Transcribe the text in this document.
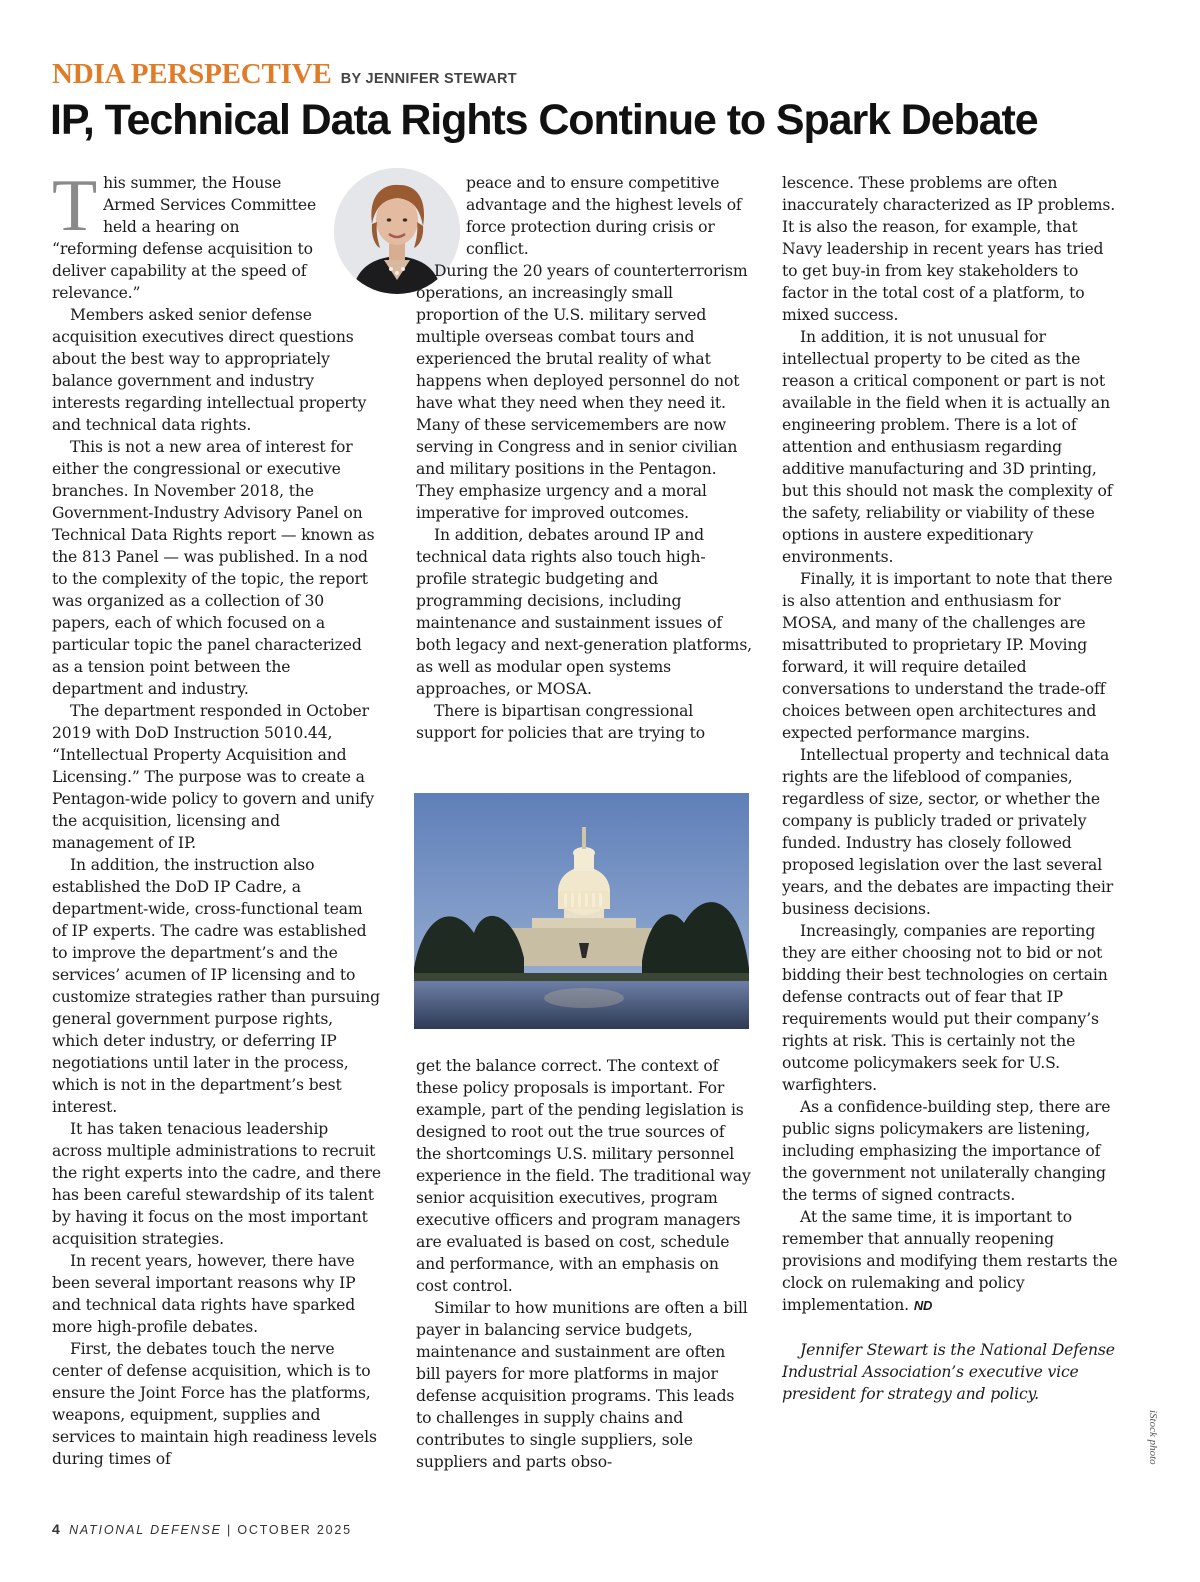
NDIA PERSPECTIVE BY JENNIFER STEWART
IP, Technical Data Rights Continue to Spark Debate
T his summer, the House Armed Services Committee held a hearing on “reforming defense acquisition to deliver capability at the speed of relevance.”

Members asked senior defense acquisition executives direct questions about the best way to appropriately balance government and industry interests regarding intellectual property and technical data rights.

This is not a new area of interest for either the congressional or executive branches. In November 2018, the Government-Industry Advisory Panel on Technical Data Rights report — known as the 813 Panel — was published. In a nod to the complexity of the topic, the report was organized as a collection of 30 papers, each of which focused on a particular topic the panel characterized as a tension point between the department and industry.

The department responded in October 2019 with DoD Instruction 5010.44, “Intellectual Property Acquisition and Licensing.” The purpose was to create a Pentagon-wide policy to govern and unify the acquisition, licensing and management of IP.

In addition, the instruction also established the DoD IP Cadre, a department-wide, cross-functional team of IP experts. The cadre was established to improve the department’s and the services’ acumen of IP licensing and to customize strategies rather than pursuing general government purpose rights, which deter industry, or deferring IP negotiations until later in the process, which is not in the department’s best interest.

It has taken tenacious leadership across multiple administrations to recruit the right experts into the cadre, and there has been careful stewardship of its talent by having it focus on the most important acquisition strategies.

In recent years, however, there have been several important reasons why IP and technical data rights have sparked more high-profile debates.

First, the debates touch the nerve center of defense acquisition, which is to ensure the Joint Force has the platforms, weapons, equipment, supplies and services to maintain high readiness levels during times of

peace and to ensure competitive advantage and the highest levels of force protection during crisis or conflict.

During the 20 years of counterterrorism operations, an increasingly small proportion of the U.S. military served multiple overseas combat tours and experienced the brutal reality of what happens when deployed personnel do not have what they need when they need it. Many of these servicemembers are now serving in Congress and in senior civilian and military positions in the Pentagon. They emphasize urgency and a moral imperative for improved outcomes.

In addition, debates around IP and technical data rights also touch high-profile strategic budgeting and programming decisions, including maintenance and sustainment issues of both legacy and next-generation platforms, as well as modular open systems approaches, or MOSA.

There is bipartisan congressional support for policies that are trying to

get the balance correct. The context of these policy proposals is important. For example, part of the pending legislation is designed to root out the true sources of the shortcomings U.S. military personnel experience in the field. The traditional way senior acquisition executives, program executive officers and program managers are evaluated is based on cost, schedule and performance, with an emphasis on cost control.

Similar to how munitions are often a bill payer in balancing service budgets, maintenance and sustainment are often bill payers for more platforms in major defense acquisition programs. This leads to challenges in supply chains and contributes to single suppliers, sole suppliers and parts obso-

lescence. These problems are often inaccurately characterized as IP problems. It is also the reason, for example, that Navy leadership in recent years has tried to get buy-in from key stakeholders to factor in the total cost of a platform, to mixed success.

In addition, it is not unusual for intellectual property to be cited as the reason a critical component or part is not available in the field when it is actually an engineering problem. There is a lot of attention and enthusiasm regarding additive manufacturing and 3D printing, but this should not mask the complexity of the safety, reliability or viability of these options in austere expeditionary environments.

Finally, it is important to note that there is also attention and enthusiasm for MOSA, and many of the challenges are misattributed to proprietary IP. Moving forward, it will require detailed conversations to understand the trade-off choices between open architectures and expected performance margins.

Intellectual property and technical data rights are the lifeblood of companies, regardless of size, sector, or whether the company is publicly traded or privately funded. Industry has closely followed proposed legislation over the last several years, and the debates are impacting their business decisions.

Increasingly, companies are reporting they are either choosing not to bid or not bidding their best technologies on certain defense contracts out of fear that IP requirements would put their company’s rights at risk. This is certainly not the outcome policymakers seek for U.S. warfighters.

As a confidence-building step, there are public signs policymakers are listening, including emphasizing the importance of the government not unilaterally changing the terms of signed contracts.

At the same time, it is important to remember that annually reopening provisions and modifying them restarts the clock on rulemaking and policy implementation. ND

Jennifer Stewart is the National Defense Industrial Association’s executive vice president for strategy and policy.

iStock photo
4 NATIONAL DEFENSE | OCTOBER 2025
